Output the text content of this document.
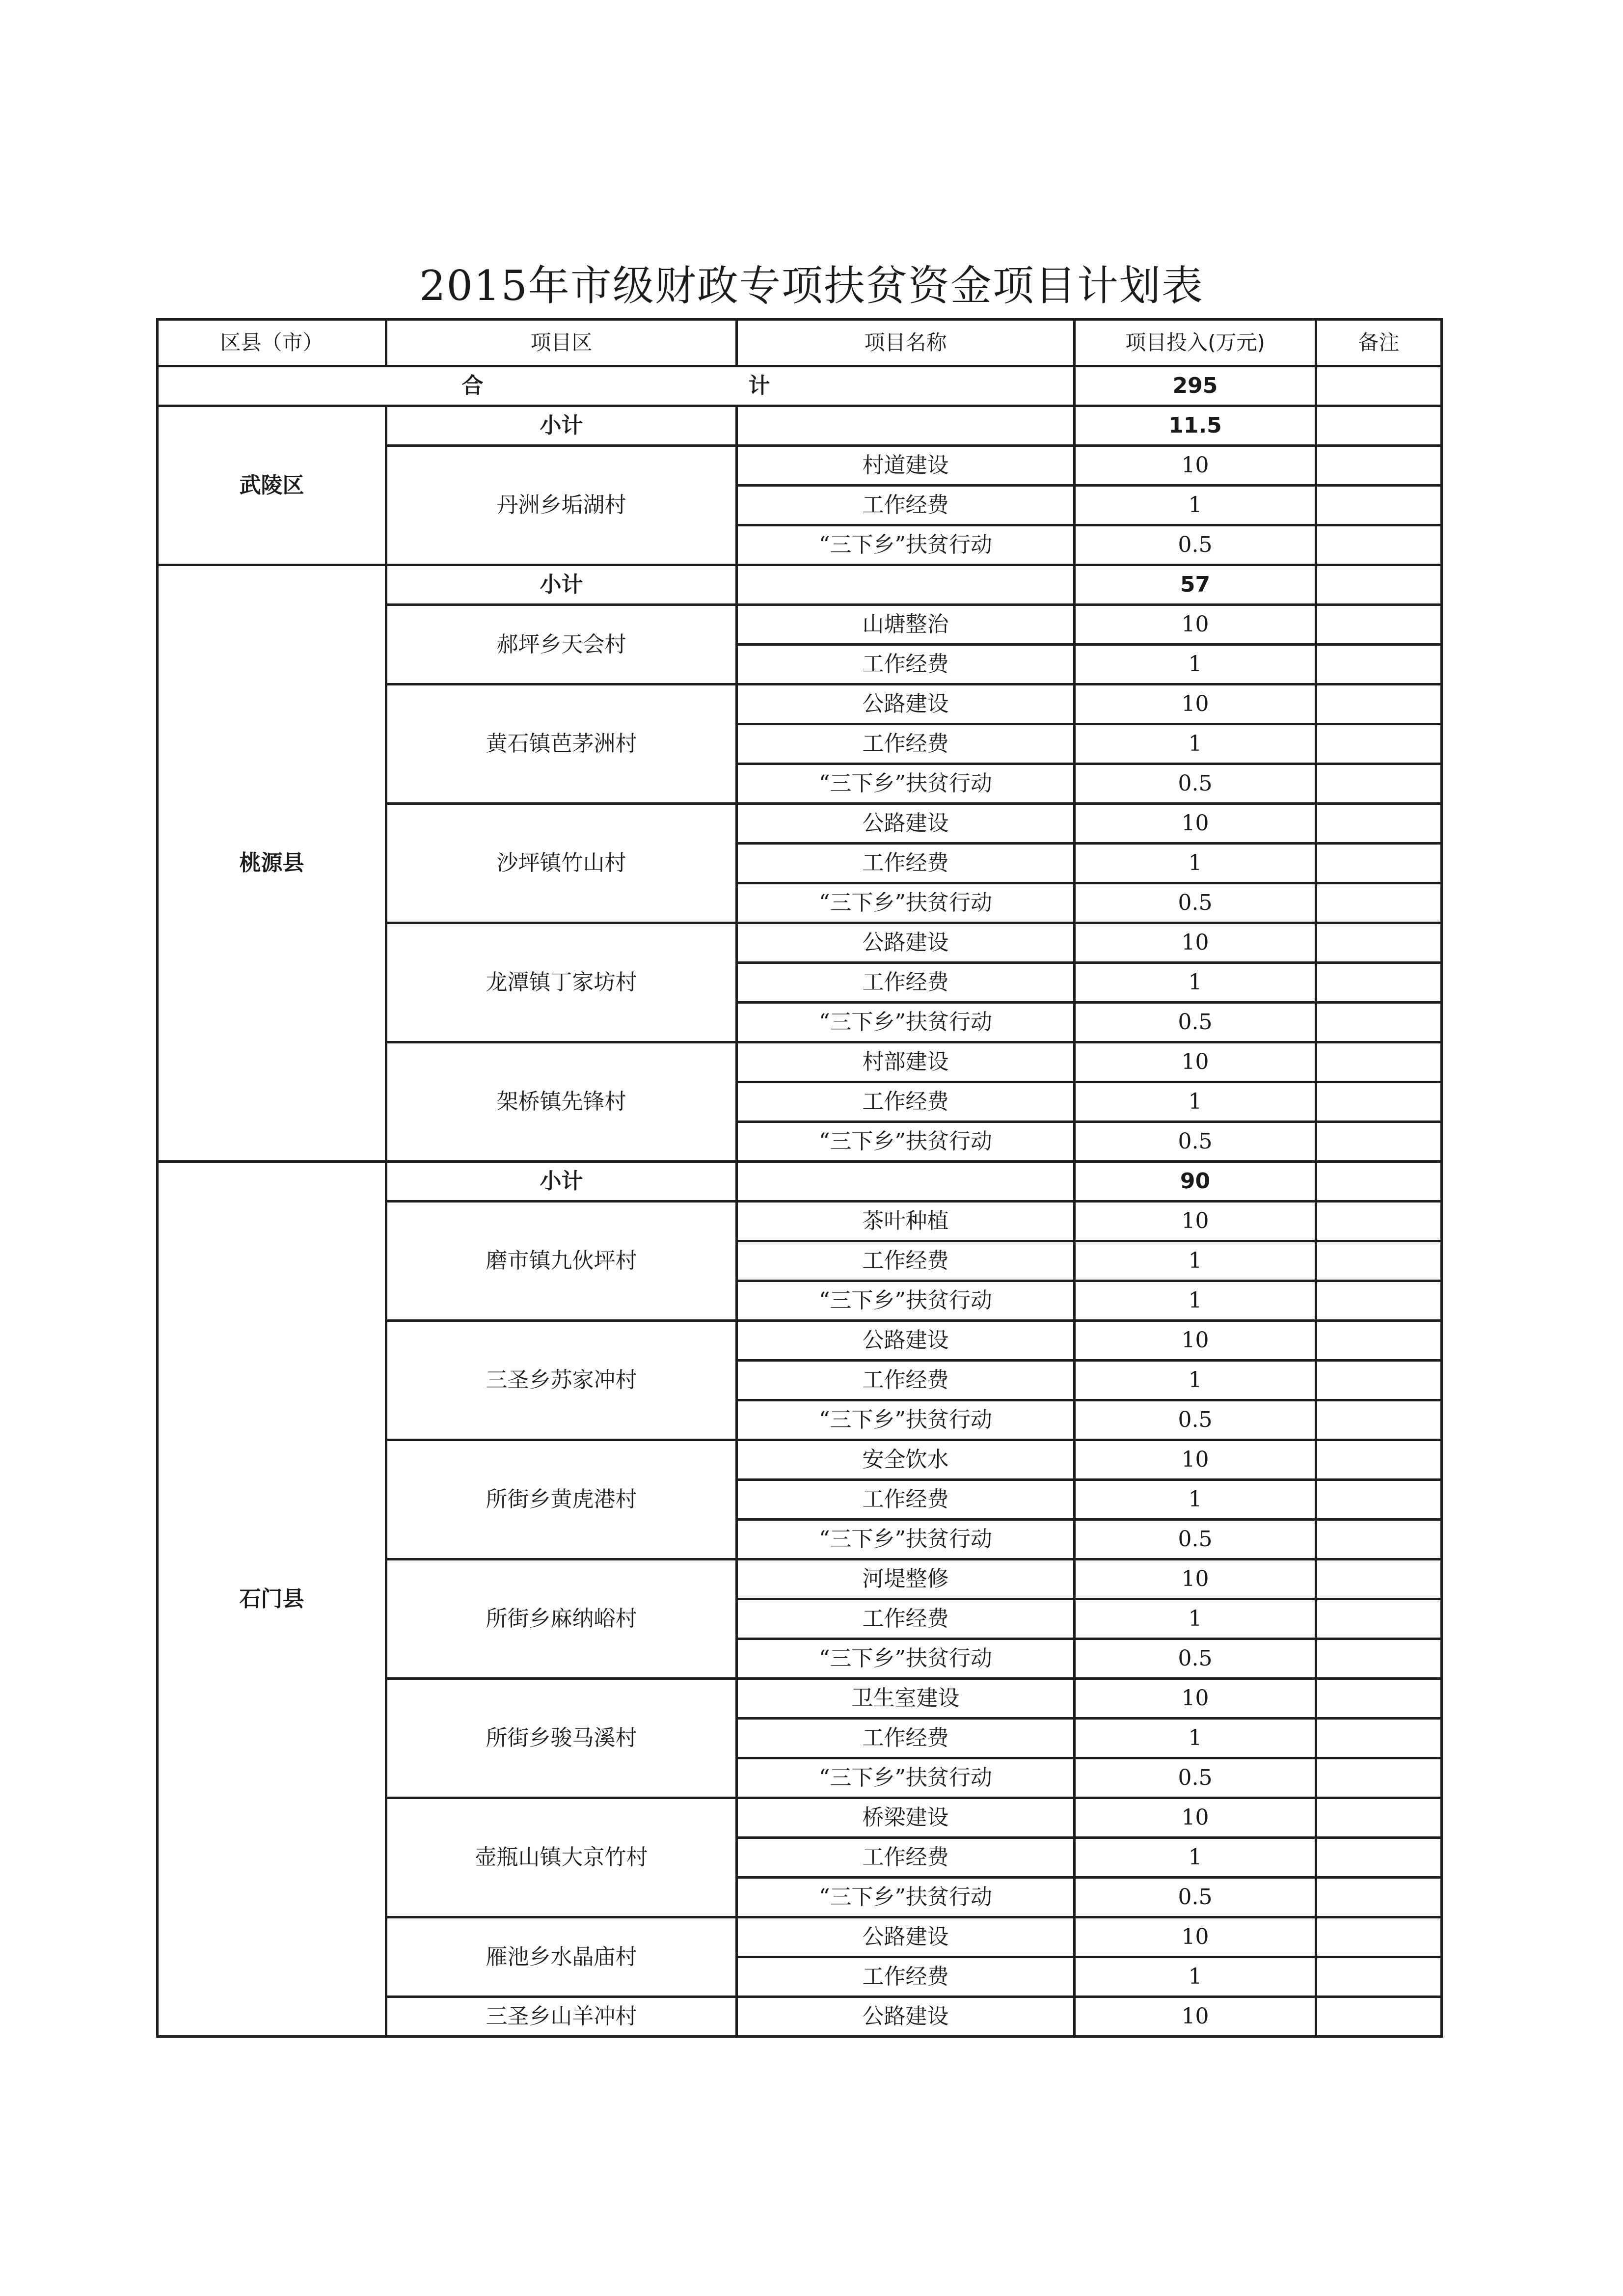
2015年市级财政专项扶贫资金项目计划表
区县（市）	项目区	项目名称	项目投入(万元)	备注
合 计			295	
武陵区	小计		11.5	
	丹洲乡垢湖村	村道建设	10	
		工作经费	1	
		“三下乡”扶贫行动	0.5	
桃源县	小计		57	
	郝坪乡天会村	山塘整治	10	
		工作经费	1	
	黄石镇芭茅洲村	公路建设	10	
		工作经费	1	
		“三下乡”扶贫行动	0.5	
	沙坪镇竹山村	公路建设	10	
		工作经费	1	
		“三下乡”扶贫行动	0.5	
	龙潭镇丁家坊村	公路建设	10	
		工作经费	1	
		“三下乡”扶贫行动	0.5	
	架桥镇先锋村	村部建设	10	
		工作经费	1	
		“三下乡”扶贫行动	0.5	
石门县	小计		90	
	磨市镇九伙坪村	茶叶种植	10	
		工作经费	1	
		“三下乡”扶贫行动	1	
	三圣乡苏家冲村	公路建设	10	
		工作经费	1	
		“三下乡”扶贫行动	0.5	
	所街乡黄虎港村	安全饮水	10	
		工作经费	1	
		“三下乡”扶贫行动	0.5	
	所街乡麻纳峪村	河堤整修	10	
		工作经费	1	
		“三下乡”扶贫行动	0.5	
	所街乡骏马溪村	卫生室建设	10	
		工作经费	1	
		“三下乡”扶贫行动	0.5	
	壶瓶山镇大京竹村	桥梁建设	10	
		工作经费	1	
		“三下乡”扶贫行动	0.5	
	雁池乡水晶庙村	公路建设	10	
		工作经费	1	
	三圣乡山羊冲村	公路建设	10	
